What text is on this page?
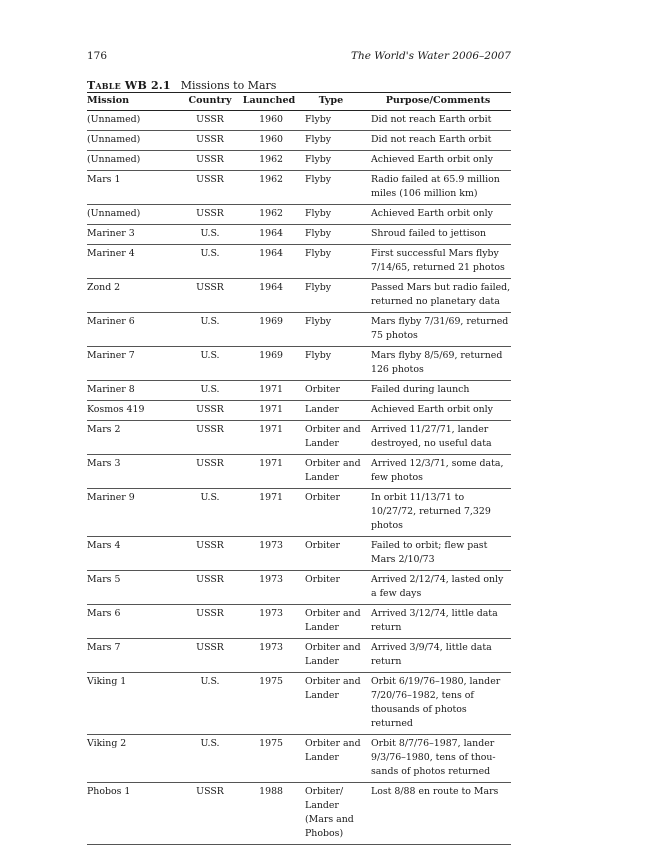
176	The World's Water 2006–2007
Table WB 2.1 Missions to Mars
Mission	Country	Launched	Type	Purpose/Comments
(Unnamed)	USSR	1960	Flyby	Did not reach Earth orbit
(Unnamed)	USSR	1960	Flyby	Did not reach Earth orbit
(Unnamed)	USSR	1962	Flyby	Achieved Earth orbit only
Mars 1	USSR	1962	Flyby	Radio failed at 65.9 million miles (106 million km)
(Unnamed)	USSR	1962	Flyby	Achieved Earth orbit only
Mariner 3	U.S.	1964	Flyby	Shroud failed to jettison
Mariner 4	U.S.	1964	Flyby	First successful Mars flyby 7/14/65, returned 21 photos
Zond 2	USSR	1964	Flyby	Passed Mars but radio failed, returned no planetary data
Mariner 6	U.S.	1969	Flyby	Mars flyby 7/31/69, returned 75 photos
Mariner 7	U.S.	1969	Flyby	Mars flyby 8/5/69, returned 126 photos
Mariner 8	U.S.	1971	Orbiter	Failed during launch
Kosmos 419	USSR	1971	Lander	Achieved Earth orbit only
Mars 2	USSR	1971	Orbiter and Lander	Arrived 11/27/71, lander destroyed, no useful data
Mars 3	USSR	1971	Orbiter and Lander	Arrived 12/3/71, some data, few photos
Mariner 9	U.S.	1971	Orbiter	In orbit 11/13/71 to 10/27/72, returned 7,329 photos
Mars 4	USSR	1973	Orbiter	Failed to orbit; flew past Mars 2/10/73
Mars 5	USSR	1973	Orbiter	Arrived 2/12/74, lasted only a few days
Mars 6	USSR	1973	Orbiter and Lander	Arrived 3/12/74, little data return
Mars 7	USSR	1973	Orbiter and Lander	Arrived 3/9/74, little data return
Viking 1	U.S.	1975	Orbiter and Lander	Orbit 6/19/76–1980, lander 7/20/76–1982, tens of thousands of photos returned
Viking 2	U.S.	1975	Orbiter and Lander	Orbit 8/7/76–1987, lander 9/3/76–1980, tens of thou-sands of photos returned
Phobos 1	USSR	1988	Orbiter/ Lander (Mars and Phobos)	Lost 8/88 en route to Mars
